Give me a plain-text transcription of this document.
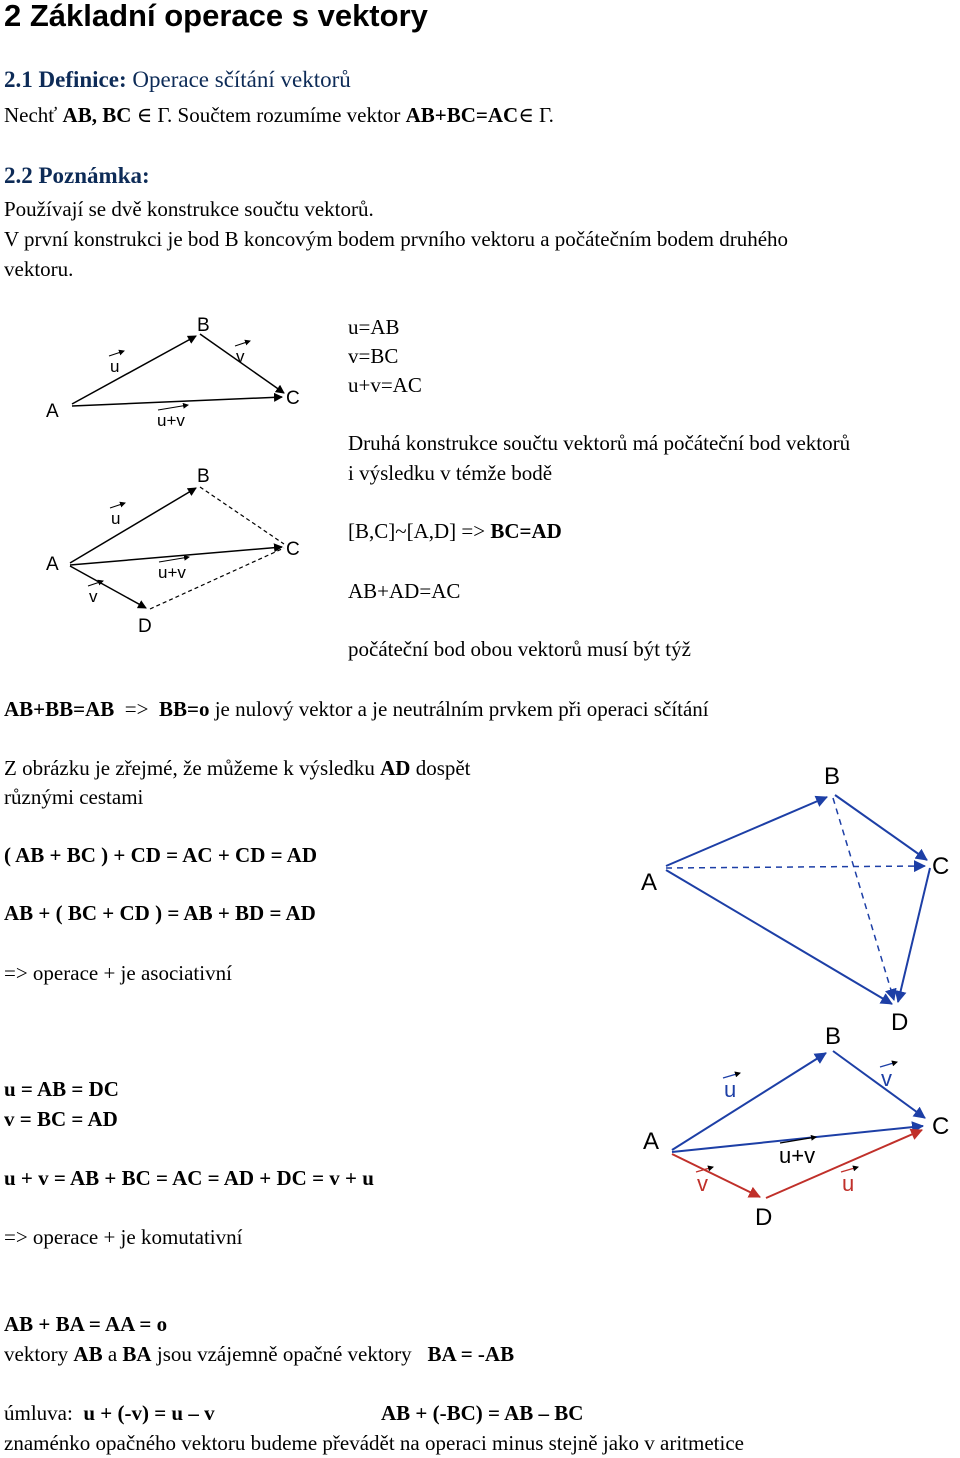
2 Základní operace s vektory
2.1 Definice: Operace sčítání vektorů
Nechť AB, BC ∈ Γ. Součtem rozumíme vektor AB+BC=AC∈ Γ.
2.2 Poznámka:
Používají se dvě konstrukce součtu vektorů.
V první konstrukci je bod B koncovým bodem prvního vektoru a počátečním bodem druhého
vektoru.
u=AB
v=BC
u+v=AC
Druhá konstrukce součtu vektorů má počáteční bod vektorů
i výsledku v témže bodě
[B,C]~[A,D] => BC=AD
AB+AD=AC
počáteční bod obou vektorů musí být týž
AB+BB=AB  =>  BB=o je nulový vektor a je neutrálním prvkem při operaci sčítání
Z obrázku je zřejmé, že můžeme k výsledku AD dospět
různými cestami
( AB + BC ) + CD = AC + CD = AD
AB + ( BC + CD ) = AB + BD = AD
=> operace + je asociativní
u = AB = DC
v = BC = AD
u + v = AB + BC = AC = AD + DC = v + u
=> operace + je komutativní
AB + BA = AA = o
vektory AB a BA jsou vzájemně opačné vektory   BA = -AB
úmluva:  u + (-v) = u – v	AB + (-BC) = AB – BC
znaménko opačného vektoru budeme převádět na operaci minus stejně jako v aritmetice
A
B
C
u
v
u+v
A
B
C
D
u
v
u+v
A
B
C
D
A
B
C
D
u	v
u+v
v	u
